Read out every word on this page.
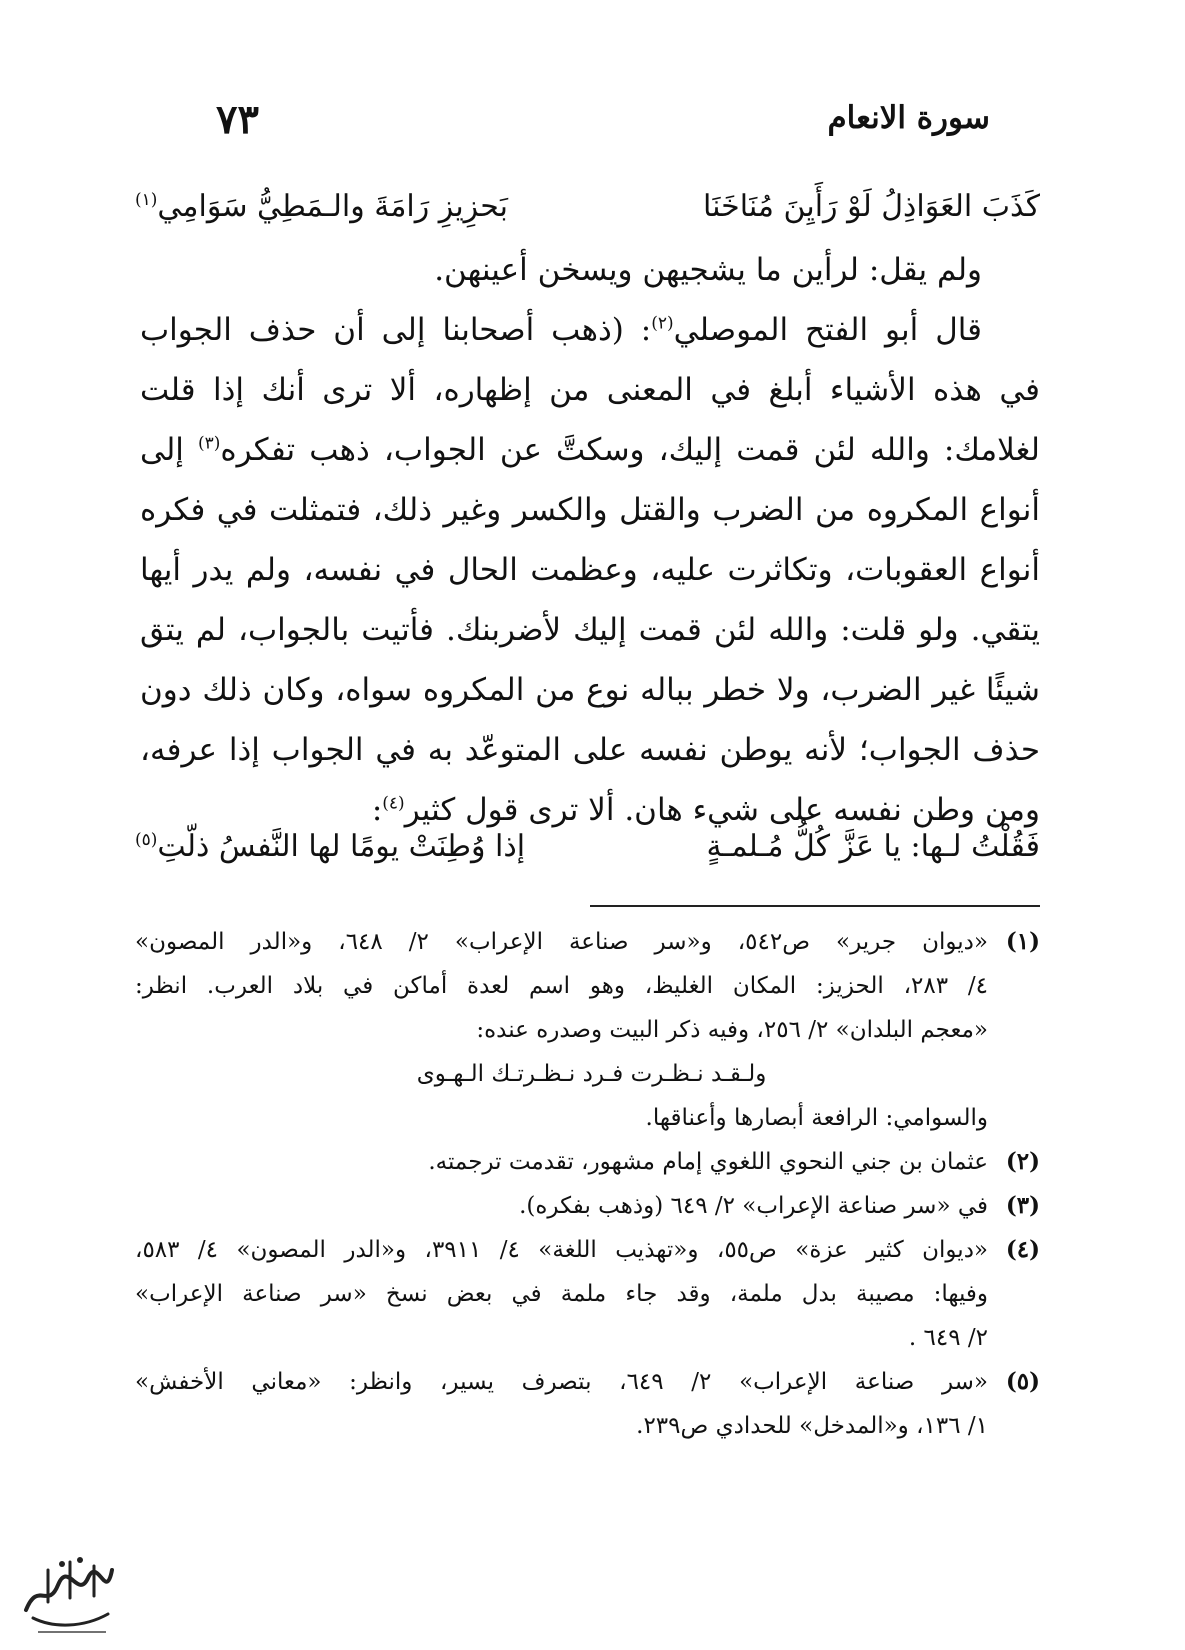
سورة الانعام
٧٣
كَذَبَ العَوَاذِلُ لَوْ رَأَيِنَ مُنَاخَنَا
بَحزِيزِ رَامَةَ والـمَطِيُّ سَوَامِي$^{(١)}$
ولم يقل: لرأين ما يشجيهن ويسخن أعينهن.
قال أبو الفتح الموصلي$^{(٢)}$: (ذهب أصحابنا إلى أن حذف الجواب
في هذه الأشياء أبلغ في المعنى من إظهاره، ألا ترى أنك إذا قلت
لغلامك: والله لئن قمت إليك، وسكتَّ عن الجواب، ذهب تفكره$^{(٣)}$ إلى
أنواع المكروه من الضرب والقتل والكسر وغير ذلك، فتمثلت في فكره
أنواع العقوبات، وتكاثرت عليه، وعظمت الحال في نفسه، ولم يدر أيها
يتقي. ولو قلت: والله لئن قمت إليك لأضربنك. فأتيت بالجواب، لم يتق
شيئًا غير الضرب، ولا خطر بباله نوع من المكروه سواه، وكان ذلك دون
حذف الجواب؛ لأنه يوطن نفسه على المتوعّد به في الجواب إذا عرفه،
ومن وطن نفسه على شيء هان. ألا ترى قول كثير$^{(٤)}$:
فَقُلْتُ لـها: يا عَزَّ كُلُّ مُـلمـةٍ
إذا وُطِنَتْ يومًا لها النَّفسُ ذلّتِ$^{(٥)}$
(١)
«ديوان جرير» ص٥٤٢، و«سر صناعة الإعراب» ٢/ ٦٤٨، و«الدر المصون»
٤/ ٢٨٣، الحزيز: المكان الغليظ، وهو اسم لعدة أماكن في بلاد العرب. انظر:
«معجم البلدان» ٢/ ٢٥٦، وفيه ذكر البيت وصدره عنده:
ولـقـد نـظـرت فـرد نـظـرتـك الـهـوى
والسوامي: الرافعة أبصارها وأعناقها.
(٢)
عثمان بن جني النحوي اللغوي إمام مشهور، تقدمت ترجمته.
(٣)
في «سر صناعة الإعراب» ٢/ ٦٤٩ (وذهب بفكره).
(٤)
«ديوان كثير عزة» ص٥٥، و«تهذيب اللغة» ٤/ ٣٩١١، و«الدر المصون» ٤/ ٥٨٣،
وفيها: مصيبة بدل ملمة، وقد جاء ملمة في بعض نسخ «سر صناعة الإعراب»
٢/ ٦٤٩ .
(٥)
«سر صناعة الإعراب» ٢/ ٦٤٩، بتصرف يسير، وانظر: «معاني الأخفش»
١/ ١٣٦، و«المدخل» للحدادي ص٢٣٩.
